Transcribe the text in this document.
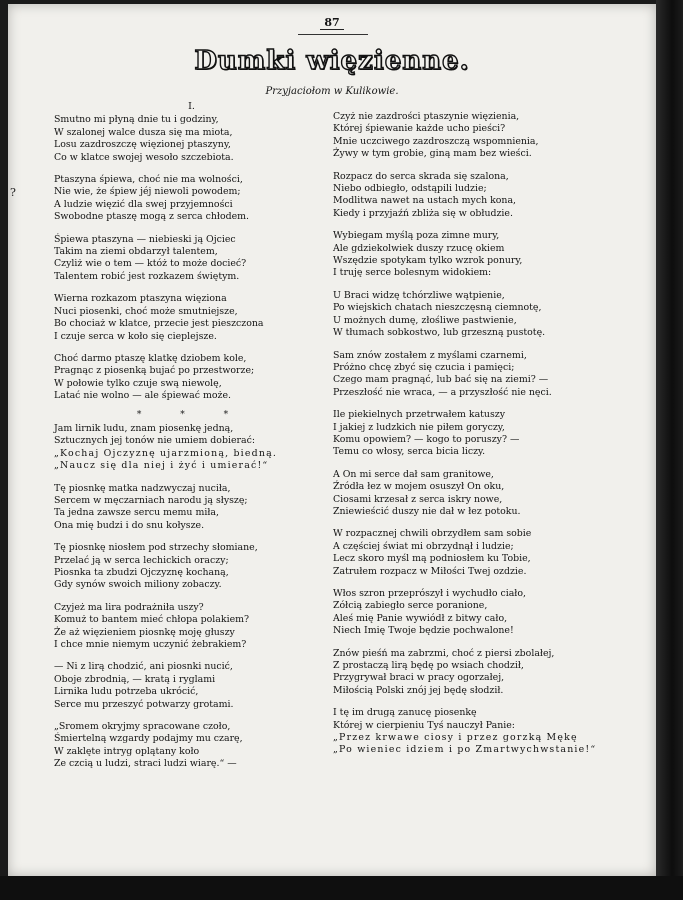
87
Dumki więzienne.
Przyjaciołom w Kulikowie.
?
I.
Smutno mi płyną dnie tu i godziny,
W szalonej walce dusza się ma miota,
Losu zazdroszczę więzionej ptaszyny,
Co w klatce swojej wesoło szczebiota.
Ptaszyna śpiewa, choć nie ma wolności,
Nie wie, że śpiew jéj niewoli powodem;
A ludzie więzić dla swej przyjemności
Swobodne ptaszę mogą z serca chłodem.
Śpiewa ptaszyna — niebieski ją Ojciec
Takim na ziemi obdarzył talentem,
Czyliż wie o tem — któż to może docieć?
Talentem robić jest rozkazem świętym.
Wierna rozkazom ptaszyna więziona
Nuci piosenki, choć może smutniejsze,
Bo chociaż w klatce, przecie jest pieszczona
I czuje serca w koło się cieplejsze.
Choć darmo ptaszę klatkę dziobem kole,
Pragnąc z piosenką bujać po przestworze;
W połowie tylko czuje swą niewolę,
Latać nie wolno — ale śpiewać może.
* * *
Jam lirnik ludu, znam piosenkę jedną,
Sztucznych jej tonów nie umiem dobierać:
„Kochaj Ojczyznę ujarzmioną, biedną.
„Naucz się dla niej i żyć i umierać!“
Tę piosnkę matka nadzwyczaj nuciła,
Sercem w męczarniach narodu ją słyszę;
Ta jedna zawsze sercu memu miła,
Ona mię budzi i do snu kołysze.
Tę piosnkę niosłem pod strzechy słomiane,
Przelać ją w serca lechickich oraczy;
Piosnka ta zbudzi Ojczyznę kochaną,
Gdy synów swoich miliony zobaczy.
Czyjeż ma lira podrażniła uszy?
Komuż to bantem mieć chłopa polakiem?
Że aż więzieniem piosnkę moję głuszy
I chce mnie niemym uczynić żebrakiem?
— Ni z lirą chodzić, ani piosnki nucić,
Oboje zbrodnią, — kratą i ryglami
Lirnika ludu potrzeba ukrócić,
Serce mu przeszyć potwarzy grotami.
„Sromem okryjmy spracowane czoło,
Śmiertelną wzgardy podajmy mu czarę,
W zaklęte intryg oplątany koło
Ze czcią u ludzi, straci ludzi wiarę.“ —
Czyż nie zazdrości ptaszynie więzienia,
Której śpiewanie każde ucho pieści?
Mnie uczciwego zazdroszczą wspomnienia,
Żywy w tym grobie, giną mam bez wieści.
Rozpacz do serca skrada się szalona,
Niebo odbiegło, odstąpili ludzie;
Modlitwa nawet na ustach mych kona,
Kiedy i przyjaźń zbliża się w obłudzie.
Wybiegam myślą poza zimne mury,
Ale gdziekolwiek duszy rzucę okiem
Wszędzie spotykam tylko wzrok ponury,
I truję serce bolesnym widokiem:
U Braci widzę tchórzliwe wątpienie,
Po wiejskich chatach nieszczęsną ciemnotę,
U możnych dumę, złośliwe pastwienie,
W tłumach sobkostwo, lub grzeszną pustotę.
Sam znów zostałem z myślami czarnemi,
Próżno chcę zbyć się czucia i pamięci;
Czego mam pragnąć, lub bać się na ziemi? —
Przeszłość nie wraca, — a przyszłość nie nęci.
Ile piekielnych przetrwałem katuszy
I jakiej z ludzkich nie piłem goryczy,
Komu opowiem? — kogo to poruszy? —
Temu co włosy, serca bicia liczy.
A On mi serce dał sam granitowe,
Źródła łez w mojem osuszył On oku,
Ciosami krzesał z serca iskry nowe,
Zniewieścić duszy nie dał w łez potoku.
W rozpacznej chwili obrzydłem sam sobie
A częściej świat mi obrzydnął i ludzie;
Lecz skoro myśl mą podniosłem ku Tobie,
Zatrułem rozpacz w Miłości Twej ozdzie.
Włos szron przeprószył i wychudło ciało,
Zółcią zabiegło serce poranione,
Aleś mię Panie wywiódł z bitwy cało,
Niech Imię Twoje będzie pochwalone!
Znów pieśń ma zabrzmi, choć z piersi zbolałej,
Z prostaczą lirą będę po wsiach chodził,
Przygrywał braci w pracy ogorzałej,
Miłością Polski znój jej będę słodził.
I tę im drugą zanucę piosenkę
Której w cierpieniu Tyś nauczył Panie:
„Przez krwawe ciosy i przez gorzką Mękę
„Po wieniec idziem i po Zmartwychwstanie!“
